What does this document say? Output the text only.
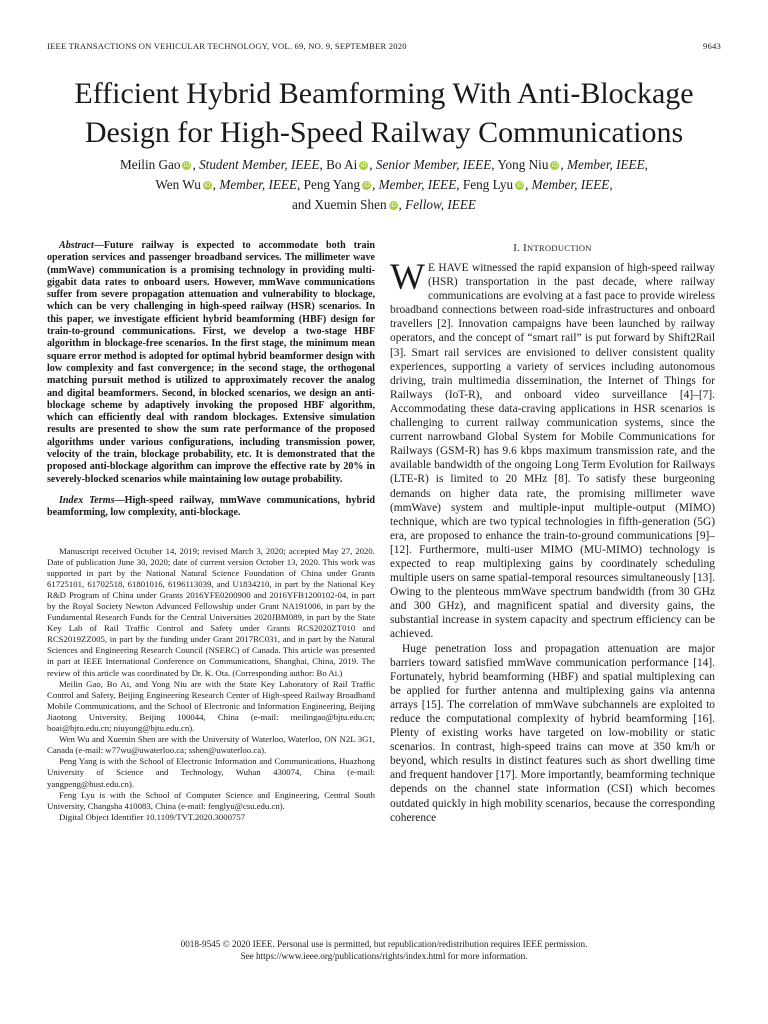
IEEE TRANSACTIONS ON VEHICULAR TECHNOLOGY, VOL. 69, NO. 9, SEPTEMBER 2020	9643
Efficient Hybrid Beamforming With Anti-Blockage
Design for High-Speed Railway Communications
Meilin Gao iD , Student Member, IEEE, Bo Ai iD , Senior Member, IEEE, Yong Niu iD , Member, IEEE,
Wen Wu iD , Member, IEEE, Peng Yang iD , Member, IEEE, Feng Lyu iD , Member, IEEE,
and Xuemin Shen iD , Fellow, IEEE

Abstract—Future railway is expected to accommodate both train operation services and passenger broadband services. The millimeter wave (mmWave) communication is a promising technology in providing multi-gigabit data rates to onboard users. However, mmWave communications suffer from severe propagation attenuation and vulnerability to blockage, which can be very challenging in high-speed railway (HSR) scenarios. In this paper, we investigate efficient hybrid beamforming (HBF) design for train-to-ground communications. First, we develop a two-stage HBF algorithm in blockage-free scenarios. In the first stage, the minimum mean square error method is adopted for optimal hybrid beamformer design with low complexity and fast convergence; in the second stage, the orthogonal matching pursuit method is utilized to approximately recover the analog and digital beamformers. Second, in blocked scenarios, we design an anti-blockage scheme by adaptively invoking the proposed HBF algorithm, which can efficiently deal with random blockages. Extensive simulation results are presented to show the sum rate performance of the proposed algorithms under various configurations, including transmission power, velocity of the train, blockage probability, etc. It is demonstrated that the proposed anti-blockage algorithm can improve the effective rate by 20% in severely-blocked scenarios while maintaining low outage probability.

Index Terms—High-speed railway, mmWave communications, hybrid beamforming, low complexity, anti-blockage.

Manuscript received October 14, 2019; revised March 3, 2020; accepted May 27, 2020. Date of publication June 30, 2020; date of current version October 13, 2020. This work was supported in part by the National Natural Science Foundation of China under Grants 61725101, 61702518, 61801016, 6196113039, and U1834210, in part by the National Key R&D Program of China under Grants 2016YFE0200900 and 2016YFB1200102-04, in part by the Royal Society Newton Advanced Fellowship under Grant NA191006, in part by the Fundamental Research Funds for the Central Universities 2020JBM089, in part by the State Key Lab of Rail Traffic Control and Safety under Grants RCS2020ZT010 and RCS2019ZZ005, in part by the funding under Grant 2017RC031, and in part by the Natural Sciences and Engineering Research Council (NSERC) of Canada. This article was presented in part at IEEE International Conference on Communications, Shanghai, China, 2019. The review of this article was coordinated by Dr. K. Ota. (Corresponding author: Bo Ai.)

Meilin Gao, Bo Ai, and Yong Niu are with the State Key Laboratory of Rail Traffic Control and Safety, Beijing Engineering Research Center of High-speed Railway Broadband Mobile Communications, and the School of Electronic and Information Engineering, Beijing Jiaotong University, Beijing 100044, China (e-mail: meilingao@bjtu.edu.cn; boai@bjtu.edu.cn; niuyong@bjtu.edu.cn).

Wen Wu and Xuemin Shen are with the University of Waterloo, Waterloo, ON N2L 3G1, Canada (e-mail: w77wu@uwaterloo.ca; sshen@uwaterloo.ca).

Peng Yang is with the School of Electronic Information and Communications, Huazhong University of Science and Technology, Wuhan 430074, China (e-mail: yangpeng@hust.edu.cn).

Feng Lyu is with the School of Computer Science and Engineering, Central South University, Changsha 410083, China (e-mail: fenglyu@csu.edu.cn).

Digital Object Identifier 10.1109/TVT.2020.3000757

I. INTRODUCTION

W E HAVE witnessed the rapid expansion of high-speed railway (HSR) transportation in the past decade, where railway communications are evolving at a fast pace to provide wireless broadband connections between road-side infrastructures and onboard travellers [2]. Innovation campaigns have been launched by railway operators, and the concept of “smart rail” is put forward by Shift2Rail [3]. Smart rail services are envisioned to deliver consistent quality experiences, supporting a variety of services including autonomous driving, train multimedia dissemination, the Internet of Things for Railways (IoT-R), and onboard video surveillance [4]–[7]. Accommodating these data-craving applications in HSR scenarios is challenging to current railway communication systems, since the current narrowband Global System for Mobile Communications for Railways (GSM-R) has 9.6 kbps maximum transmission rate, and the available bandwidth of the ongoing Long Term Evolution for Railways (LTE-R) is limited to 20 MHz [8]. To satisfy these burgeoning demands on higher data rate, the promising millimeter wave (mmWave) system and multiple-input multiple-output (MIMO) technique, which are two typical technologies in fifth-generation (5G) era, are proposed to enhance the train-to-ground communications [9]–[12]. Furthermore, multi-user MIMO (MU-MIMO) technology is expected to reap multiplexing gains by coordinately scheduling multiple users on same spatial-temporal resources simultaneously [13]. Owing to the plenteous mmWave spectrum bandwidth (from 30 GHz and 300 GHz), and magnificent spatial and diversity gains, the substantial increase in system capacity and spectrum efficiency can be achieved.

Huge penetration loss and propagation attenuation are major barriers toward satisfied mmWave communication performance [14]. Fortunately, hybrid beamforming (HBF) and spatial multiplexing can be applied for further antenna and multiplexing gains via antenna arrays [15]. The correlation of mmWave subchannels are exploited to reduce the computational complexity of hybrid beamforming [16]. Plenty of existing works have targeted on low-mobility or static scenarios. In contrast, high-speed trains can move at 350 km/h or beyond, which results in distinct features such as short dwelling time and frequent handover [17]. More importantly, beamforming technique depends on the channel state information (CSI) which becomes outdated quickly in high mobility scenarios, because the corresponding coherence

0018-9545 © 2020 IEEE. Personal use is permitted, but republication/redistribution requires IEEE permission.
See https://www.ieee.org/publications/rights/index.html for more information.
